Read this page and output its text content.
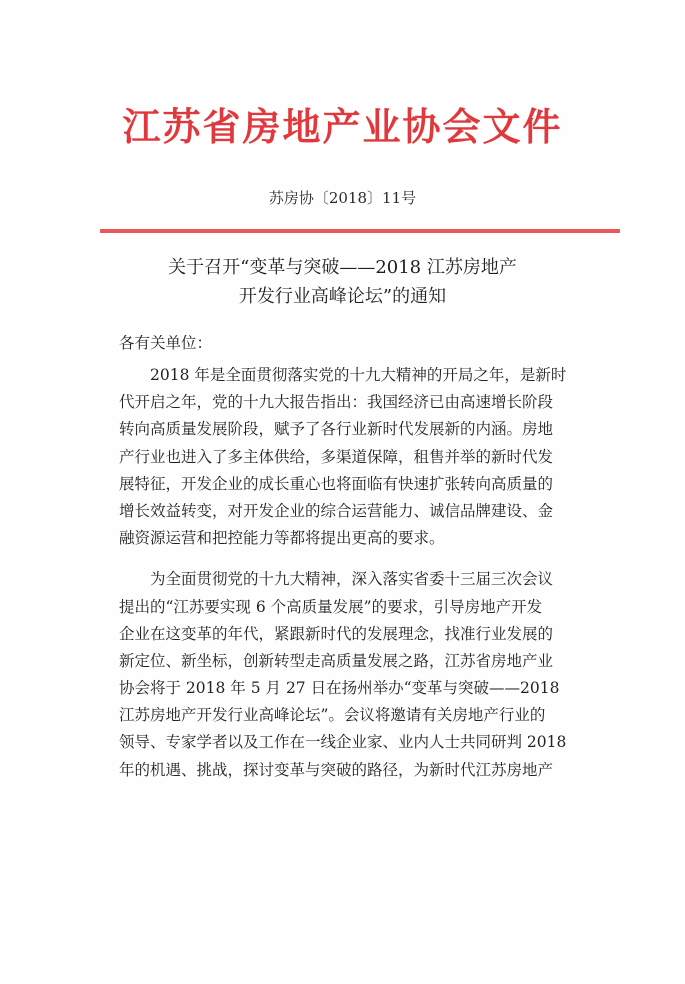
江苏省房地产业协会文件
苏房协〔2018〕11号
关于召开“变革与突破——2018 江苏房地产
开发行业高峰论坛”的通知
各有关单位：
　　2018 年是全面贯彻落实党的十九大精神的开局之年，是新时
代开启之年，党的十九大报告指出：我国经济已由高速增长阶段
转向高质量发展阶段，赋予了各行业新时代发展新的内涵。房地
产行业也进入了多主体供给，多渠道保障，租售并举的新时代发
展特征，开发企业的成长重心也将面临有快速扩张转向高质量的
增长效益转变，对开发企业的综合运营能力、诚信品牌建设、金
融资源运营和把控能力等都将提出更高的要求。
　　为全面贯彻党的十九大精神，深入落实省委十三届三次会议
提出的“江苏要实现 6 个高质量发展”的要求，引导房地产开发
企业在这变革的年代，紧跟新时代的发展理念，找准行业发展的
新定位、新坐标，创新转型走高质量发展之路，江苏省房地产业
协会将于 2018 年 5 月 27 日在扬州举办“变革与突破——2018
江苏房地产开发行业高峰论坛”。会议将邀请有关房地产行业的
领导、专家学者以及工作在一线企业家、业内人士共同研判 2018
年的机遇、挑战，探讨变革与突破的路径，为新时代江苏房地产
